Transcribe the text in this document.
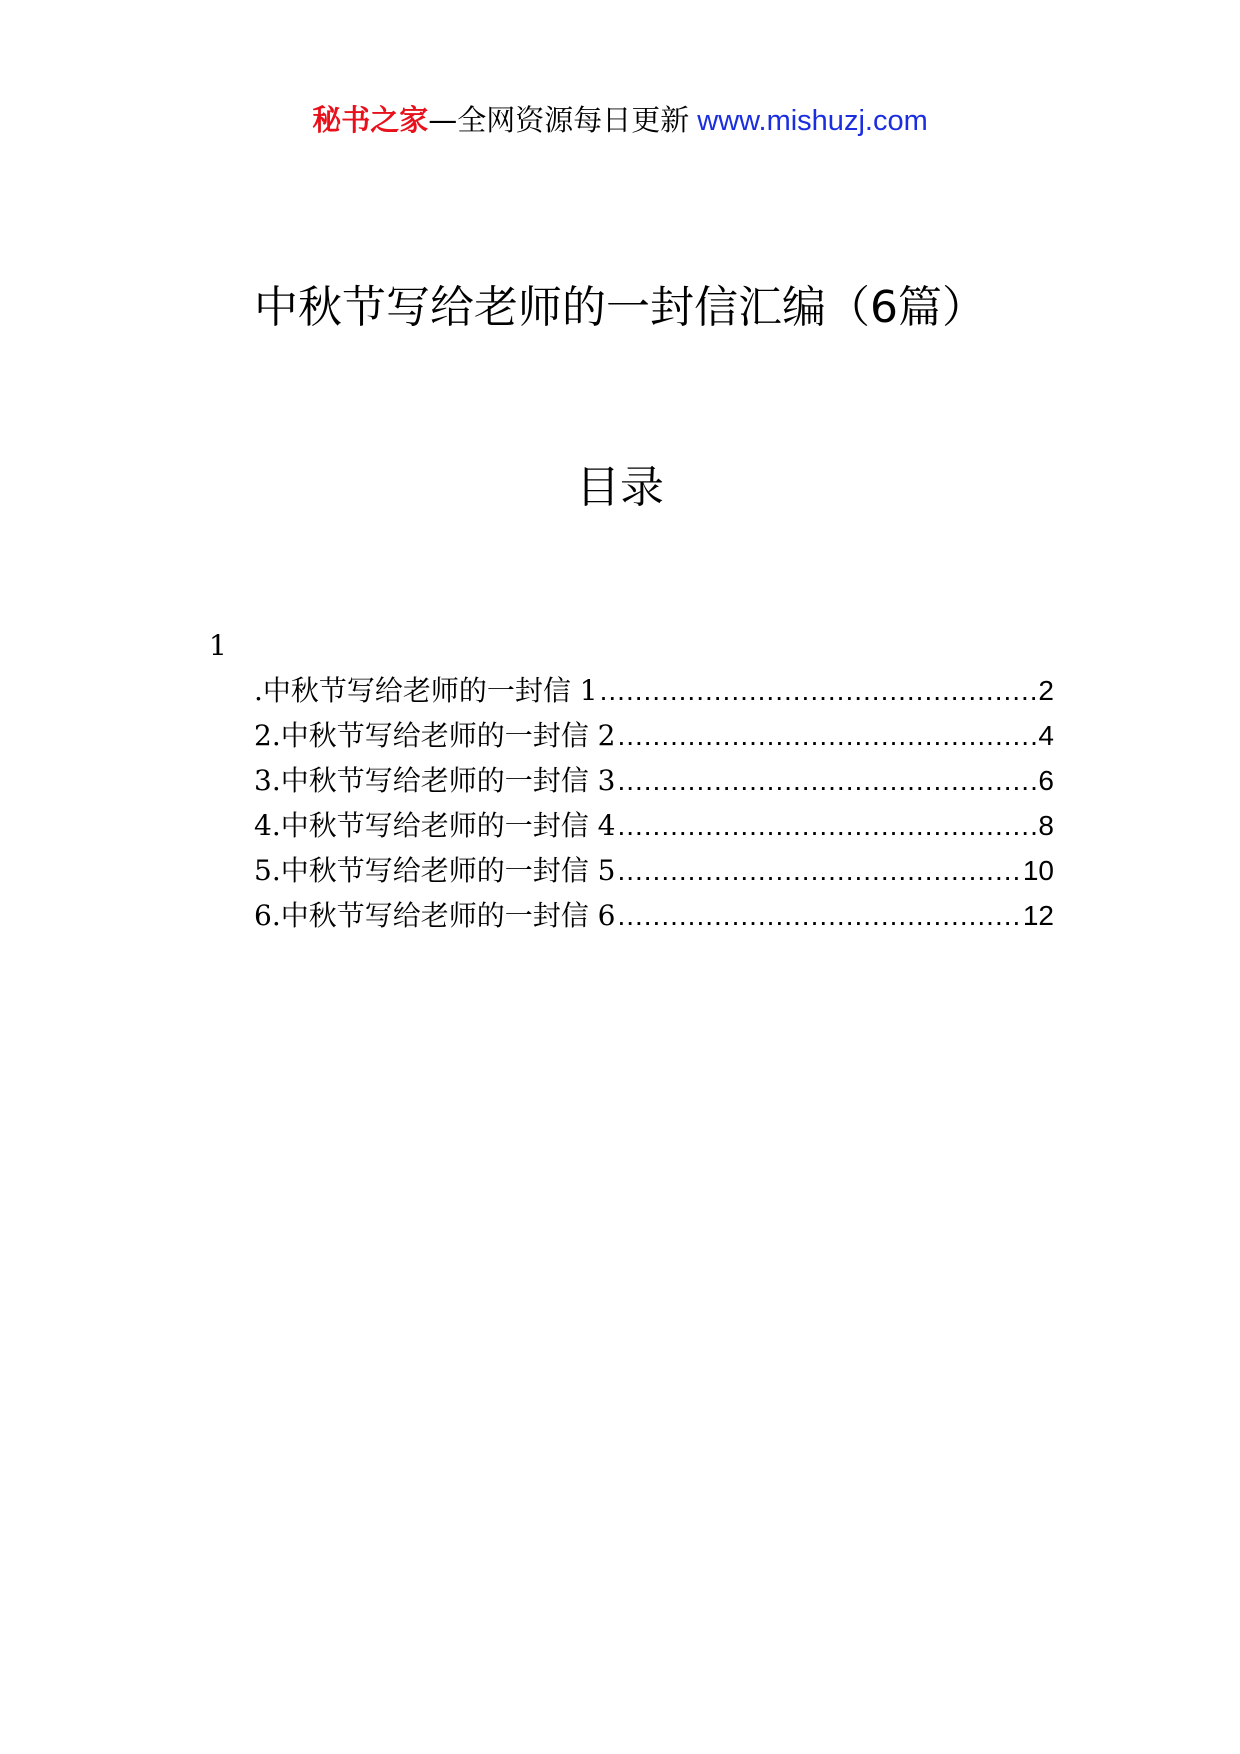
秘书之家—全网资源每日更新 www.mishuzj.com
中秋节写给老师的一封信汇编（6篇）
目录
1
.中秋节写给老师的一封信 1 .....	2
2.中秋节写给老师的一封信 2 .....	4
3.中秋节写给老师的一封信 3 .....	6
4.中秋节写给老师的一封信 4 .....	8
5.中秋节写给老师的一封信 5 .....	10
6.中秋节写给老师的一封信 6 .....	12
